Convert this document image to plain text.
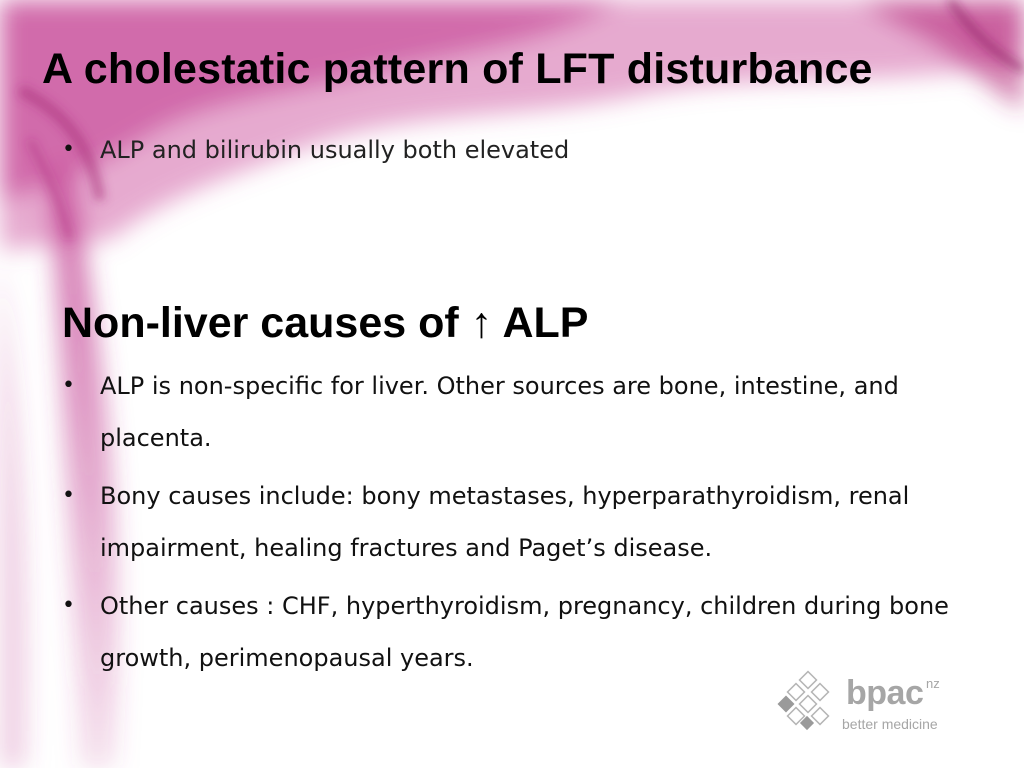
A cholestatic pattern of LFT disturbance
• ALP and bilirubin usually both elevated
Non-liver causes of ↑ ALP
• ALP is non-specific for liver. Other sources are bone, intestine, and placenta.
• Bony causes include: bony metastases, hyperparathyroidism, renal impairment, healing fractures and Paget’s disease.
• Other causes : CHF, hyperthyroidism, pregnancy, children during bone growth, perimenopausal years.
bpac nz
better medicine
